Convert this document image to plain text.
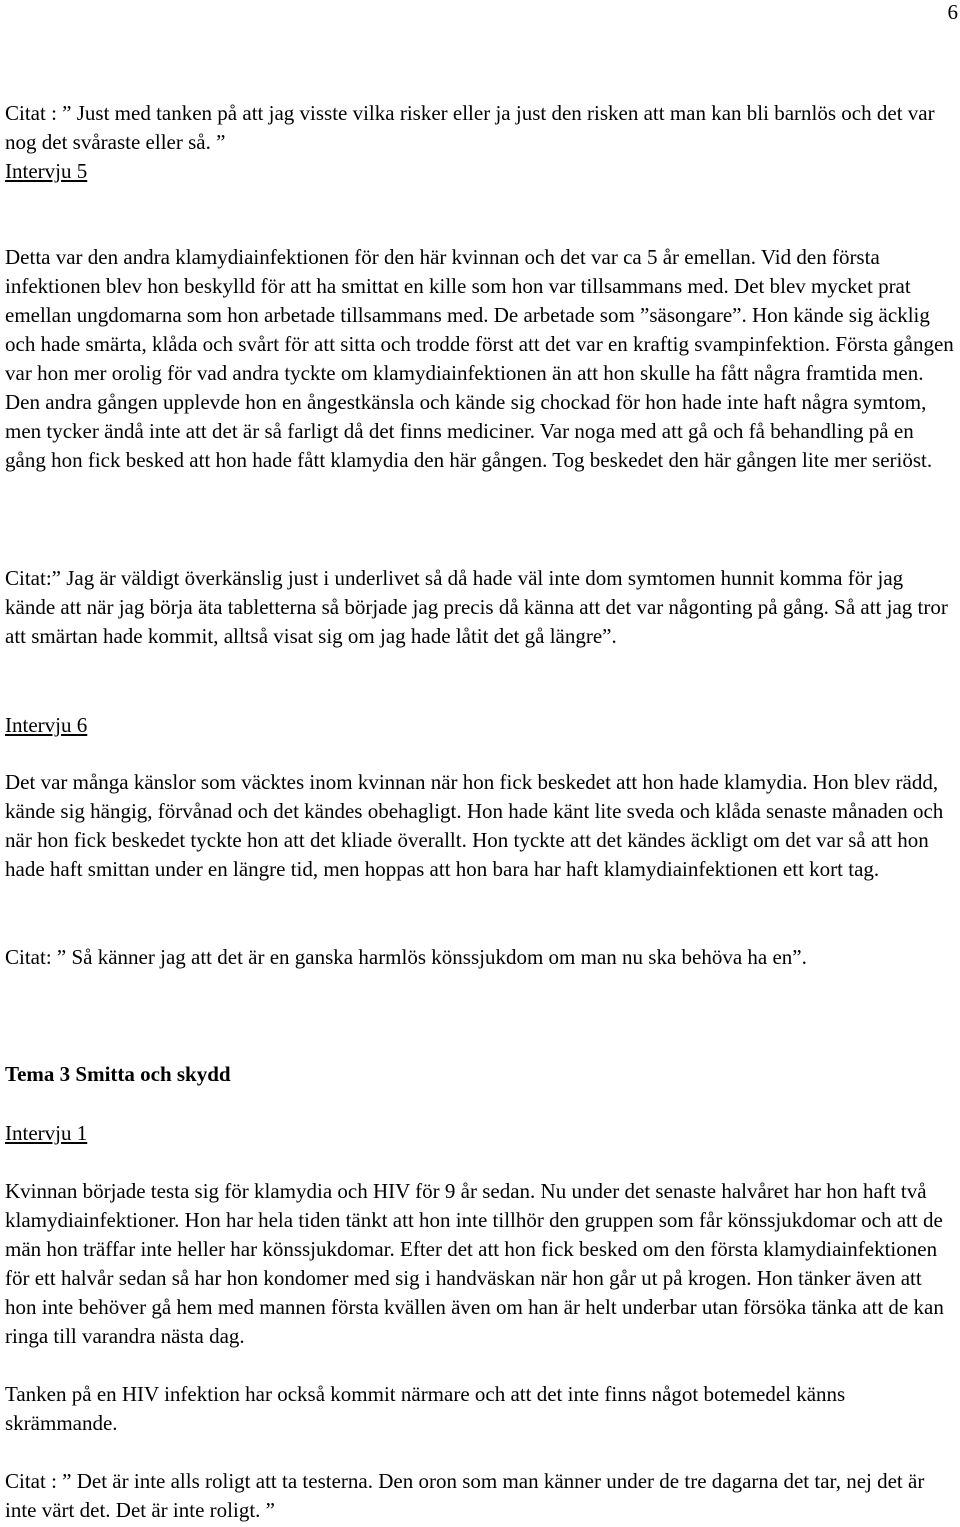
6

Citat : ” Just med tanken på att jag visste vilka risker eller ja just den risken att man kan bli barnlös och det var nog det svåraste eller så. ”

Intervju 5

Detta var den andra klamydiainfektionen för den här kvinnan och det var ca 5 år emellan. Vid den första infektionen blev hon beskylld för att ha smittat en kille som hon var tillsammans med. Det blev mycket prat emellan ungdomarna som hon arbetade tillsammans med. De arbetade som ”säsongare”. Hon kände sig äcklig och hade smärta, klåda och svårt för att sitta och trodde först att det var en kraftig svampinfektion. Första gången var hon mer orolig för vad andra tyckte om klamydiainfektionen än att hon skulle ha fått några framtida men. Den andra gången upplevde hon en ångestkänsla och kände sig chockad för hon hade inte haft några symtom, men tycker ändå inte att det är så farligt då det finns mediciner. Var noga med att gå och få behandling på en gång hon fick besked att hon hade fått klamydia den här gången. Tog beskedet den här gången lite mer seriöst.

Citat:” Jag är väldigt överkänslig just i underlivet så då hade väl inte dom symtomen hunnit komma för jag kände att när jag börja äta tabletterna så började jag precis då känna att det var någonting på gång. Så att jag tror att smärtan hade kommit, alltså visat sig om jag hade låtit det gå längre”.

Intervju 6

Det var många känslor som väcktes inom kvinnan när hon fick beskedet att hon hade klamydia. Hon blev rädd, kände sig hängig, förvånad och det kändes obehagligt. Hon hade känt lite sveda och klåda senaste månaden och när hon fick beskedet tyckte hon att det kliade överallt. Hon tyckte att det kändes äckligt om det var så att hon hade haft smittan under en längre tid, men hoppas att hon bara har haft klamydiainfektionen ett kort tag.

Citat: ” Så känner jag att det är en ganska harmlös könssjukdom om man nu ska behöva ha en”.

Tema 3 Smitta och skydd

Intervju 1

Kvinnan började testa sig för klamydia och HIV för 9 år sedan. Nu under det senaste halvåret har hon haft två klamydiainfektioner. Hon har hela tiden tänkt att hon inte tillhör den gruppen som får könssjukdomar och att de män hon träffar inte heller har könssjukdomar. Efter det att hon fick besked om den första klamydiainfektionen för ett halvår sedan så har hon kondomer med sig i handväskan när hon går ut på krogen. Hon tänker även att hon inte behöver gå hem med mannen första kvällen även om han är helt underbar utan försöka tänka att de kan ringa till varandra nästa dag.

Tanken på en HIV infektion har också kommit närmare och att det inte finns något botemedel känns skrämmande.

Citat : ” Det är inte alls roligt att ta testerna. Den oron som man känner under de tre dagarna det tar, nej det är inte värt det. Det är inte roligt. ”
